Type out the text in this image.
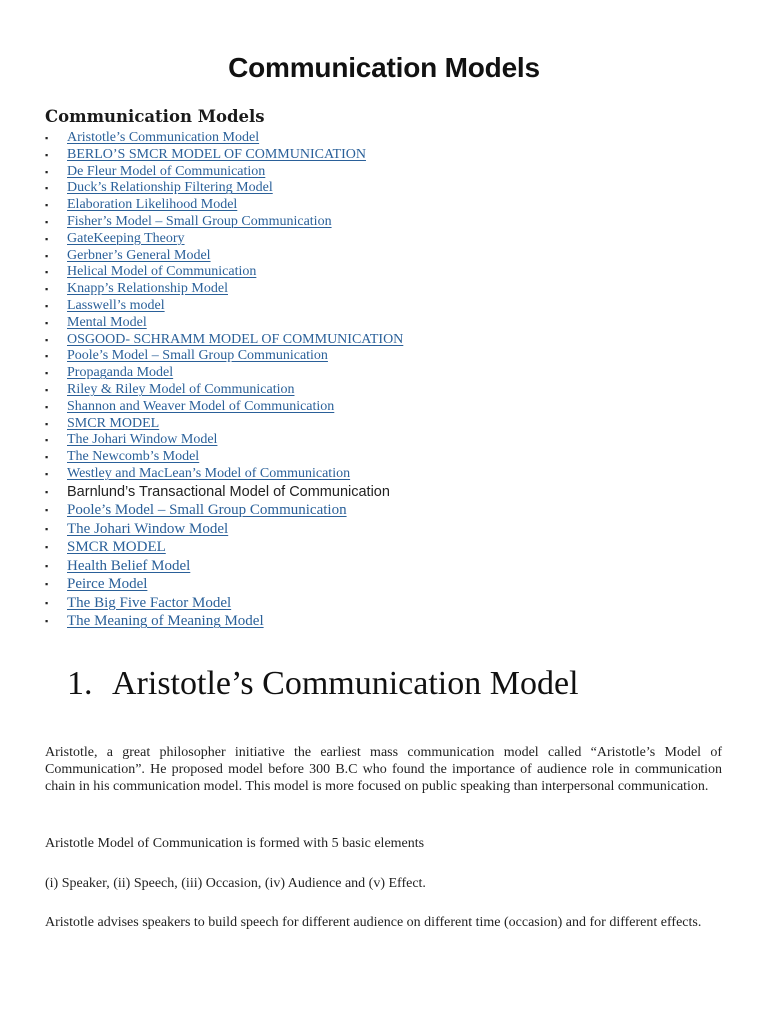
Communication Models
Communication Models
▪ Aristotle’s Communication Model
▪ BERLO’S SMCR MODEL OF COMMUNICATION
▪ De Fleur Model of Communication
▪ Duck’s Relationship Filtering Model
▪ Elaboration Likelihood Model
▪ Fisher’s Model – Small Group Communication
▪ GateKeeping Theory
▪ Gerbner’s General Model
▪ Helical Model of Communication
▪ Knapp’s Relationship Model
▪ Lasswell’s model
▪ Mental Model
▪ OSGOOD- SCHRAMM MODEL OF COMMUNICATION
▪ Poole’s Model – Small Group Communication
▪ Propaganda Model
▪ Riley & Riley Model of Communication
▪ Shannon and Weaver Model of Communication
▪ SMCR MODEL
▪ The Johari Window Model
▪ The Newcomb’s Model
▪ Westley and MacLean’s Model of Communication
▪ Barnlund’s Transactional Model of Communication
▪ Poole’s Model – Small Group Communication
▪ The Johari Window Model
▪ SMCR MODEL
▪ Health Belief Model
▪ Peirce Model
▪ The Big Five Factor Model
▪ The Meaning of Meaning Model
1. Aristotle’s Communication Model

Aristotle, a great philosopher initiative the earliest mass communication model called “Aristotle’s Model of Communication”. He proposed model before 300 B.C who found the importance of audience role in communication chain in his communication model. This model is more focused on public speaking than interpersonal communication.

Aristotle Model of Communication is formed with 5 basic elements

(i) Speaker, (ii) Speech, (iii) Occasion, (iv) Audience and (v) Effect.

Aristotle advises speakers to build speech for different audience on different time (occasion) and for different effects.
